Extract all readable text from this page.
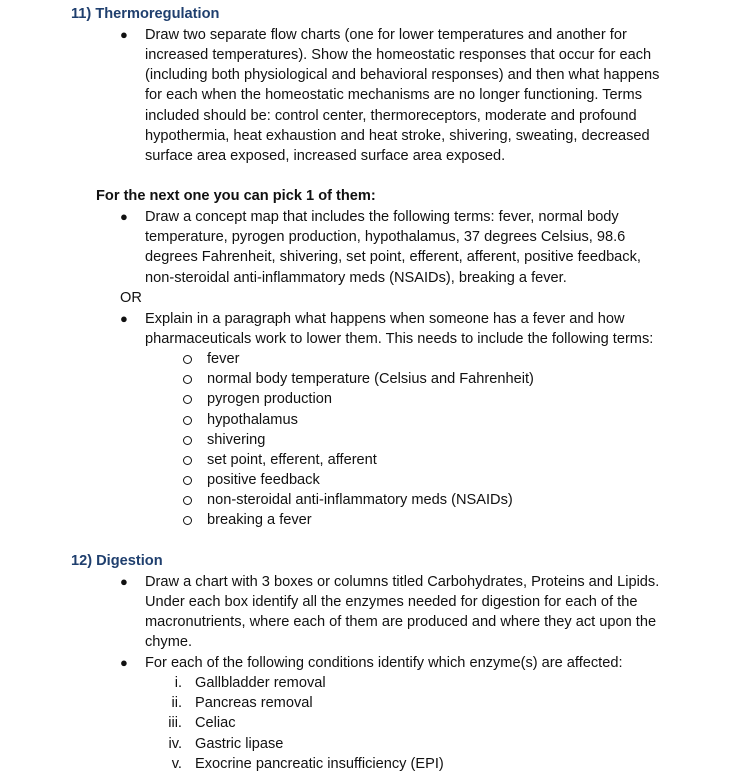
11) Thermoregulation
● Draw two separate flow charts (one for lower temperatures and another for
increased temperatures). Show the homeostatic responses that occur for each
(including both physiological and behavioral responses) and then what happens
for each when the homeostatic mechanisms are no longer functioning. Terms
included should be: control center, thermoreceptors, moderate and profound
hypothermia, heat exhaustion and heat stroke, shivering, sweating, decreased
surface area exposed, increased surface area exposed.
For the next one you can pick 1 of them:
● Draw a concept map that includes the following terms: fever, normal body
temperature, pyrogen production, hypothalamus, 37 degrees Celsius, 98.6
degrees Fahrenheit, shivering, set point, efferent, afferent, positive feedback,
non-steroidal anti-inflammatory meds (NSAIDs), breaking a fever.
OR
● Explain in a paragraph what happens when someone has a fever and how
pharmaceuticals work to lower them. This needs to include the following terms:
fever
normal body temperature (Celsius and Fahrenheit)
pyrogen production
hypothalamus
shivering
set point, efferent, afferent
positive feedback
non-steroidal anti-inflammatory meds (NSAIDs)
breaking a fever
12) Digestion
● Draw a chart with 3 boxes or columns titled Carbohydrates, Proteins and Lipids.
Under each box identify all the enzymes needed for digestion for each of the
macronutrients, where each of them are produced and where they act upon the
chyme.
● For each of the following conditions identify which enzyme(s) are affected:
i. Gallbladder removal
ii. Pancreas removal
iii. Celiac
iv. Gastric lipase
v. Exocrine pancreatic insufficiency (EPI)
